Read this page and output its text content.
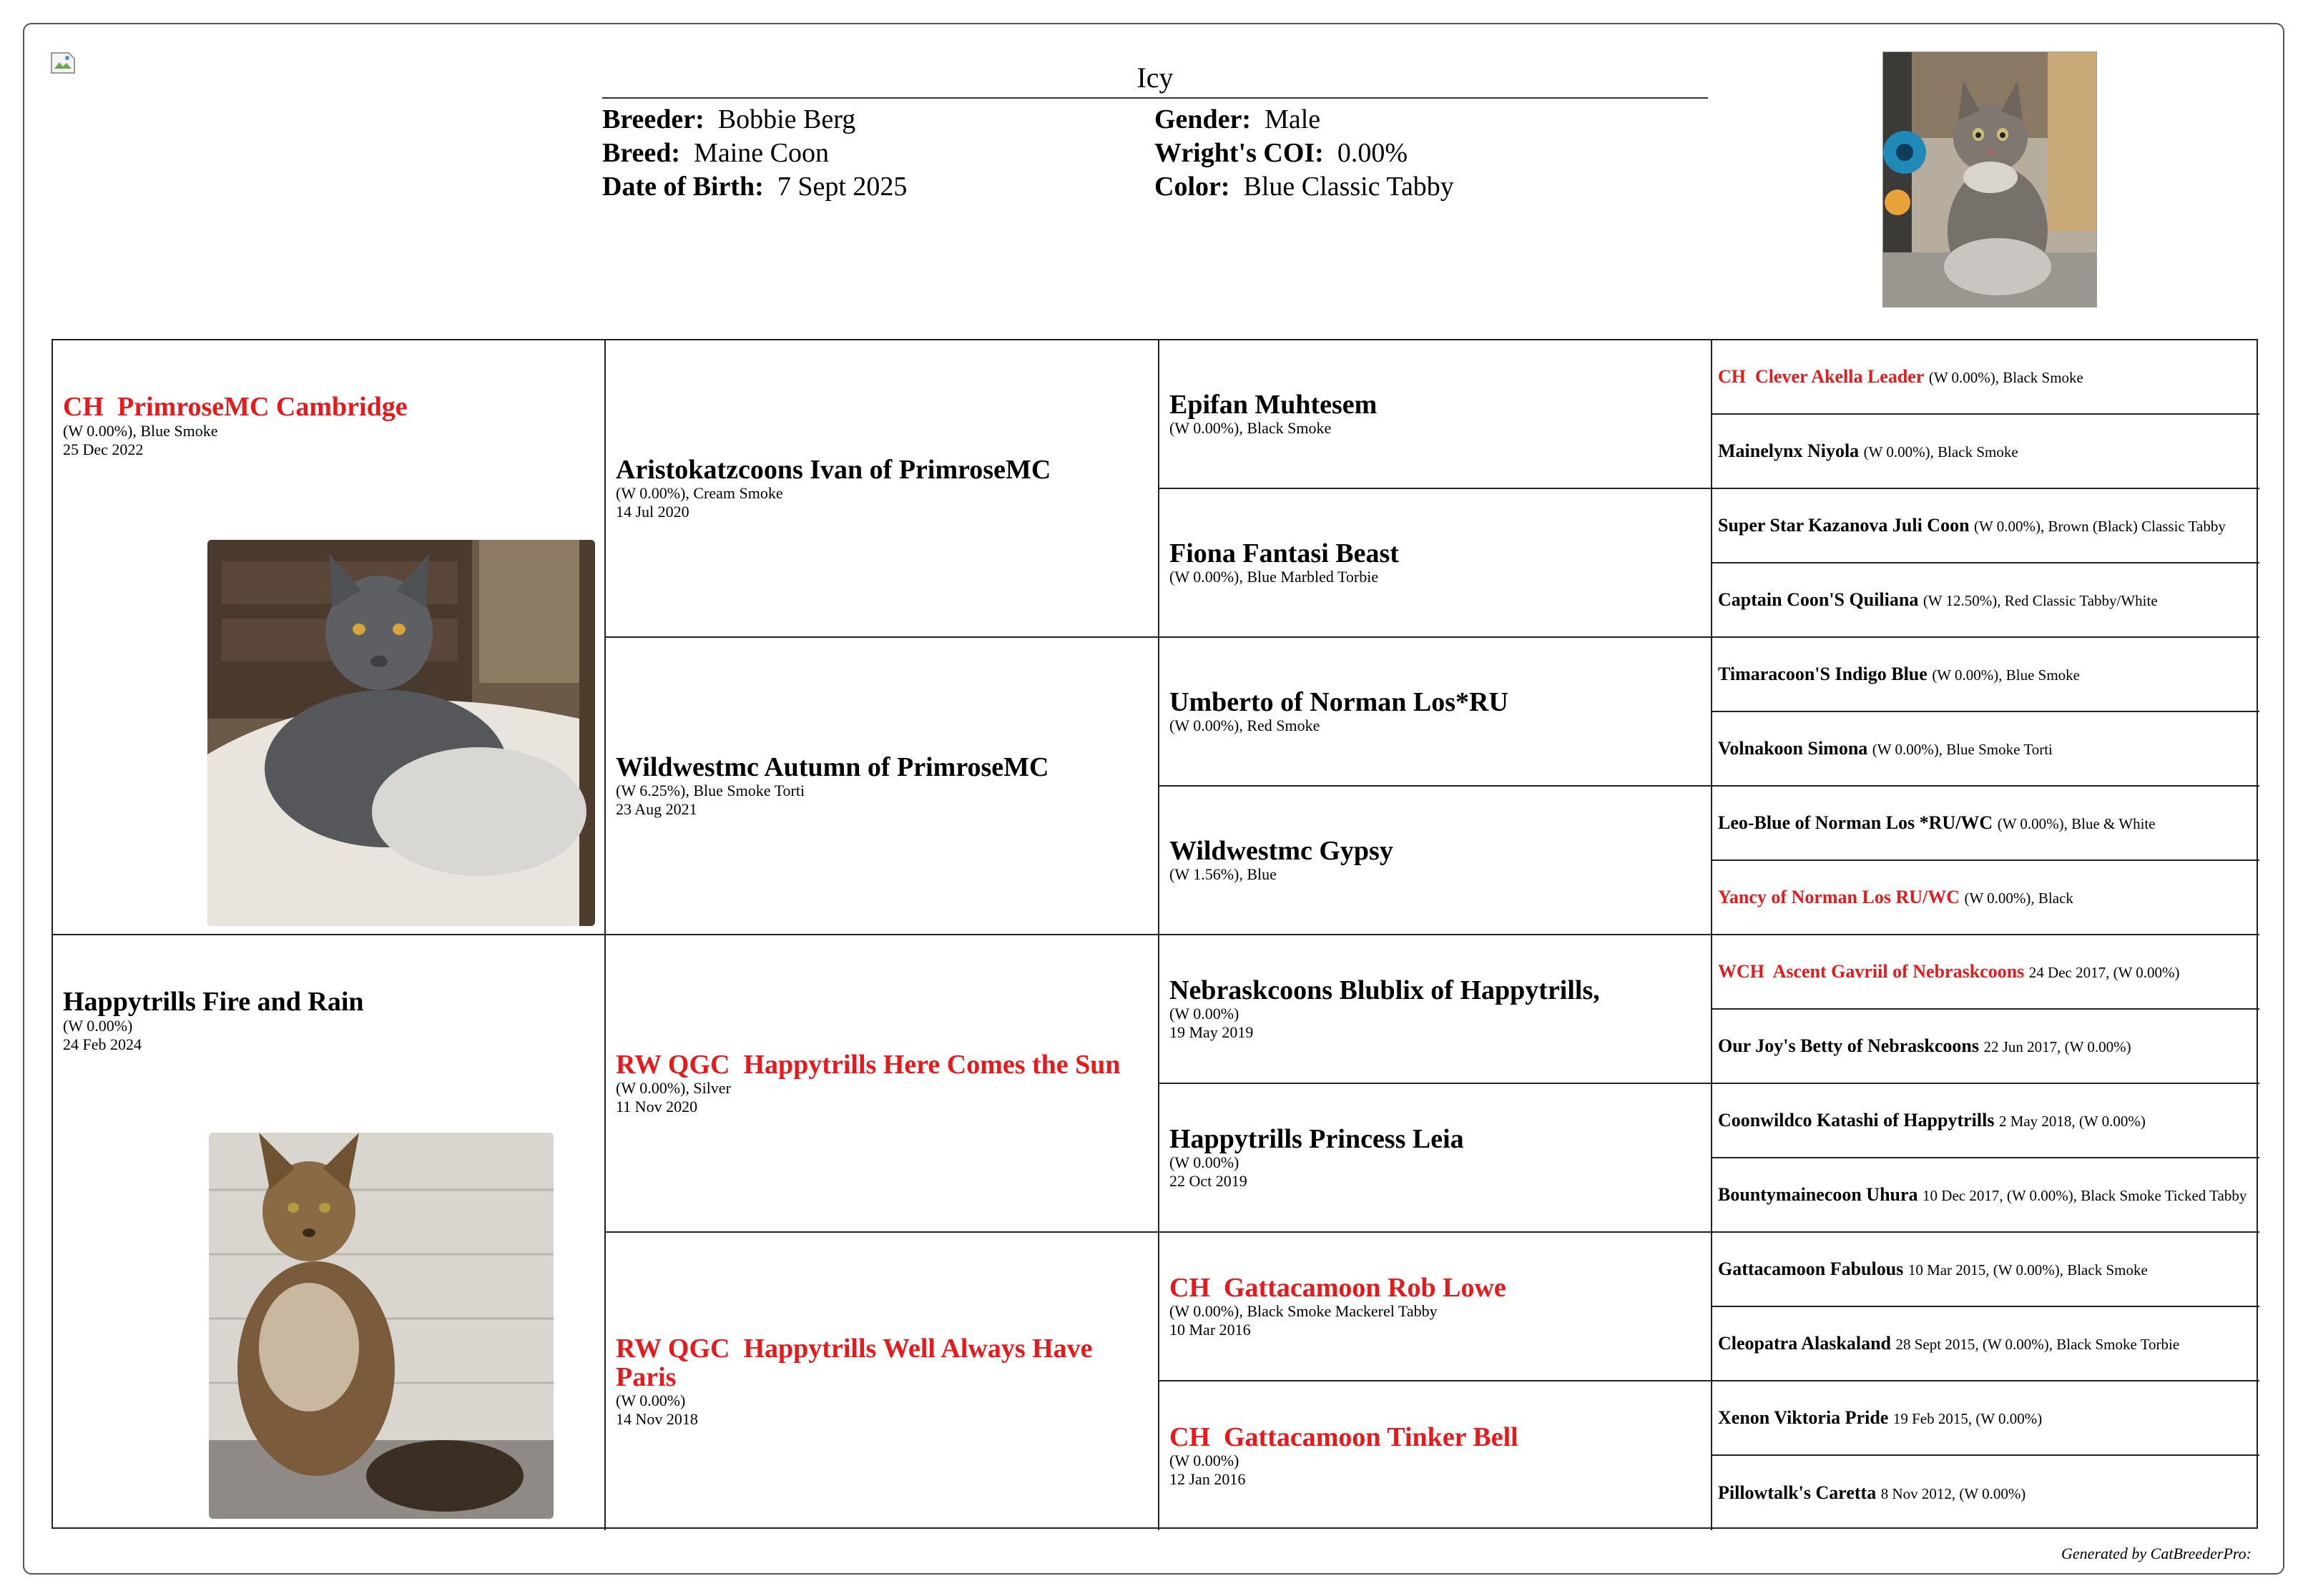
Icy
Breeder: Bobbie Berg
Breed: Maine Coon
Date of Birth: 7 Sept 2025
Gender: Male
Wright's COI: 0.00%
Color: Blue Classic Tabby
CH PrimroseMC Cambridge
(W 0.00%), Blue Smoke
25 Dec 2022
Happytrills Fire and Rain
(W 0.00%)
24 Feb 2024
Aristokatzcoons Ivan of PrimroseMC
(W 0.00%), Cream Smoke
14 Jul 2020
Wildwestmc Autumn of PrimroseMC
(W 6.25%), Blue Smoke Torti
23 Aug 2021
RW QGC Happytrills Here Comes the Sun
(W 0.00%), Silver
11 Nov 2020
RW QGC Happytrills Well Always Have Paris
(W 0.00%)
14 Nov 2018
Epifan Muhtesem
(W 0.00%), Black Smoke
Fiona Fantasi Beast
(W 0.00%), Blue Marbled Torbie
Umberto of Norman Los*RU
(W 0.00%), Red Smoke
Wildwestmc Gypsy
(W 1.56%), Blue
Nebraskcoons Blublix of Happytrills,
(W 0.00%)
19 May 2019
Happytrills Princess Leia
(W 0.00%)
22 Oct 2019
CH Gattacamoon Rob Lowe
(W 0.00%), Black Smoke Mackerel Tabby
10 Mar 2016
CH Gattacamoon Tinker Bell
(W 0.00%)
12 Jan 2016
CH Clever Akella Leader (W 0.00%), Black Smoke
Mainelynx Niyola (W 0.00%), Black Smoke
Super Star Kazanova Juli Coon (W 0.00%), Brown (Black) Classic Tabby
Captain Coon'S Quiliana (W 12.50%), Red Classic Tabby/White
Timaracoon'S Indigo Blue (W 0.00%), Blue Smoke
Volnakoon Simona (W 0.00%), Blue Smoke Torti
Leo-Blue of Norman Los *RU/WC (W 0.00%), Blue & White
Yancy of Norman Los RU/WC (W 0.00%), Black
WCH Ascent Gavriil of Nebraskcoons 24 Dec 2017, (W 0.00%)
Our Joy's Betty of Nebraskcoons 22 Jun 2017, (W 0.00%)
Coonwildco Katashi of Happytrills 2 May 2018, (W 0.00%)
Bountymainecoon Uhura 10 Dec 2017, (W 0.00%), Black Smoke Ticked Tabby
Gattacamoon Fabulous 10 Mar 2015, (W 0.00%), Black Smoke
Cleopatra Alaskaland 28 Sept 2015, (W 0.00%), Black Smoke Torbie
Xenon Viktoria Pride 19 Feb 2015, (W 0.00%)
Pillowtalk's Caretta 8 Nov 2012, (W 0.00%)
Generated by CatBreederPro:
